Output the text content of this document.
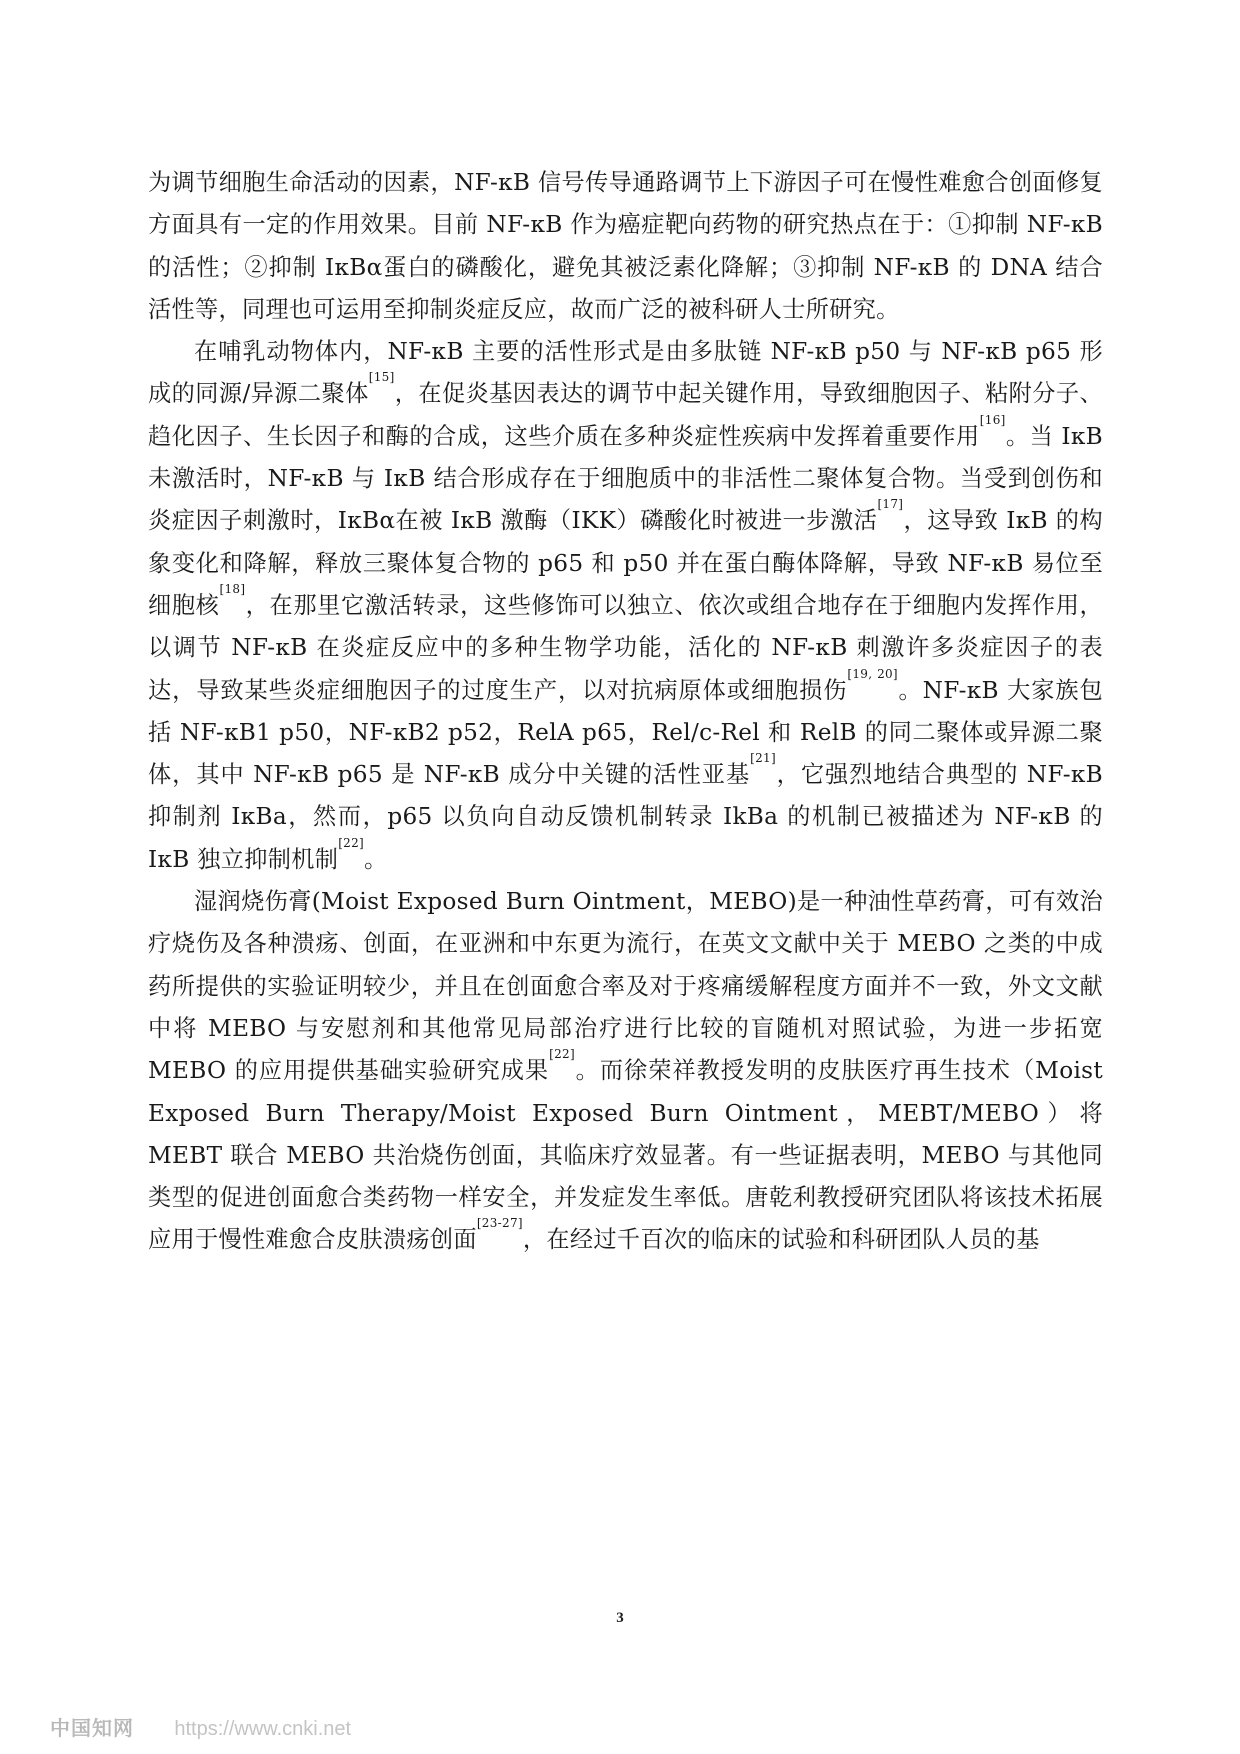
为调节细胞生命活动的因素，NF-κB 信号传导通路调节上下游因子可在慢性难愈合创面修复方面具有一定的作用效果。目前 NF-κB 作为癌症靶向药物的研究热点在于：①抑制 NF-κB 的活性；②抑制 IκBα蛋白的磷酸化，避免其被泛素化降解；③抑制 NF-κB 的 DNA 结合活性等，同理也可运用至抑制炎症反应，故而广泛的被科研人士所研究。

在哺乳动物体内，NF-κB 主要的活性形式是由多肽链 NF-κB p50 与 NF-κB p65 形成的同源/异源二聚体[15]，在促炎基因表达的调节中起关键作用，导致细胞因子、粘附分子、趋化因子、生长因子和酶的合成，这些介质在多种炎症性疾病中发挥着重要作用[16]。当 IκB 未激活时，NF-κB 与 IκB 结合形成存在于细胞质中的非活性二聚体复合物。当受到创伤和炎症因子刺激时，IκBα在被 IκB 激酶（IKK）磷酸化时被进一步激活[17]，这导致 IκB 的构象变化和降解，释放三聚体复合物的 p65 和 p50 并在蛋白酶体降解，导致 NF-κB 易位至细胞核[18]，在那里它激活转录，这些修饰可以独立、依次或组合地存在于细胞内发挥作用，以调节 NF-κB 在炎症反应中的多种生物学功能，活化的 NF-κB 刺激许多炎症因子的表达，导致某些炎症细胞因子的过度生产，以对抗病原体或细胞损伤[19, 20]。NF-κB 大家族包括 NF-κB1 p50，NF-κB2 p52，RelA p65，Rel/c-Rel 和 RelB 的同二聚体或异源二聚体，其中 NF-κB p65 是 NF-κB 成分中关键的活性亚基[21]，它强烈地结合典型的 NF-κB 抑制剂 IκBa，然而，p65 以负向自动反馈机制转录 IkBa 的机制已被描述为 NF-κB 的 IκB 独立抑制机制[22]。

湿润烧伤膏(Moist Exposed Burn Ointment，MEBO)是一种油性草药膏，可有效治疗烧伤及各种溃疡、创面，在亚洲和中东更为流行，在英文文献中关于 MEBO 之类的中成药所提供的实验证明较少，并且在创面愈合率及对于疼痛缓解程度方面并不一致，外文文献中将 MEBO 与安慰剂和其他常见局部治疗进行比较的盲随机对照试验，为进一步拓宽 MEBO 的应用提供基础实验研究成果[22]。而徐荣祥教授发明的皮肤医疗再生技术（Moist Exposed Burn Therapy/Moist Exposed Burn Ointment，MEBT/MEBO）将 MEBT 联合 MEBO 共治烧伤创面，其临床疗效显著。有一些证据表明，MEBO 与其他同类型的促进创面愈合类药物一样安全，并发症发生率低。唐乾利教授研究团队将该技术拓展应用于慢性难愈合皮肤溃疡创面[23-27]，在经过千百次的临床的试验和科研团队人员的基

3
中国知网 https://www.cnki.net
